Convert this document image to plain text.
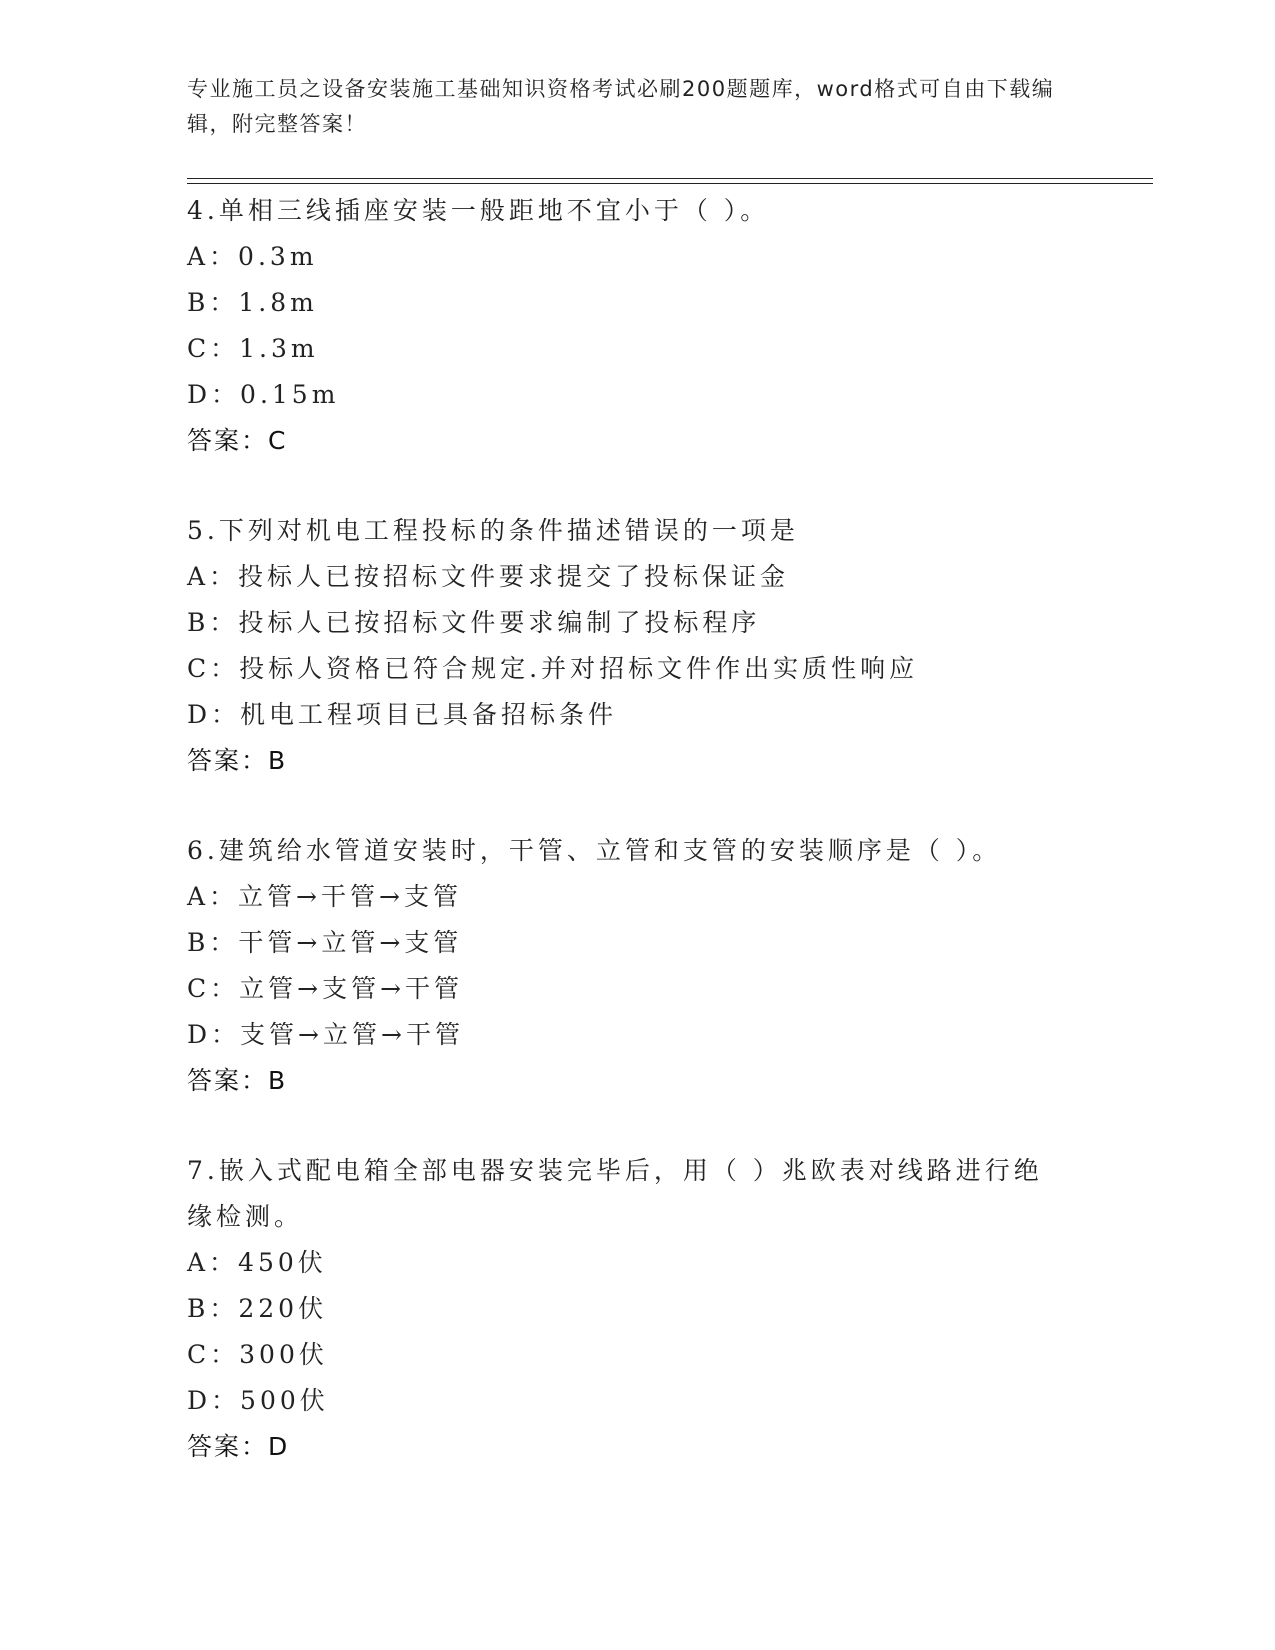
专业施工员之设备安装施工基础知识资格考试必刷200题题库，word格式可自由下载编辑，附完整答案！
4.单相三线插座安装一般距地不宜小于（ ）。
A：0.3m
B：1.8m
C：1.3m
D：0.15m
答案：C
5.下列对机电工程投标的条件描述错误的一项是
A：投标人已按招标文件要求提交了投标保证金
B：投标人已按招标文件要求编制了投标程序
C：投标人资格已符合规定.并对招标文件作出实质性响应
D：机电工程项目已具备招标条件
答案：B
6.建筑给水管道安装时，干管、立管和支管的安装顺序是（ ）。
A：立管→干管→支管
B：干管→立管→支管
C：立管→支管→干管
D：支管→立管→干管
答案：B
7.嵌入式配电箱全部电器安装完毕后，用（ ）兆欧表对线路进行绝缘检测。
A：450伏
B：220伏
C：300伏
D：500伏
答案：D
